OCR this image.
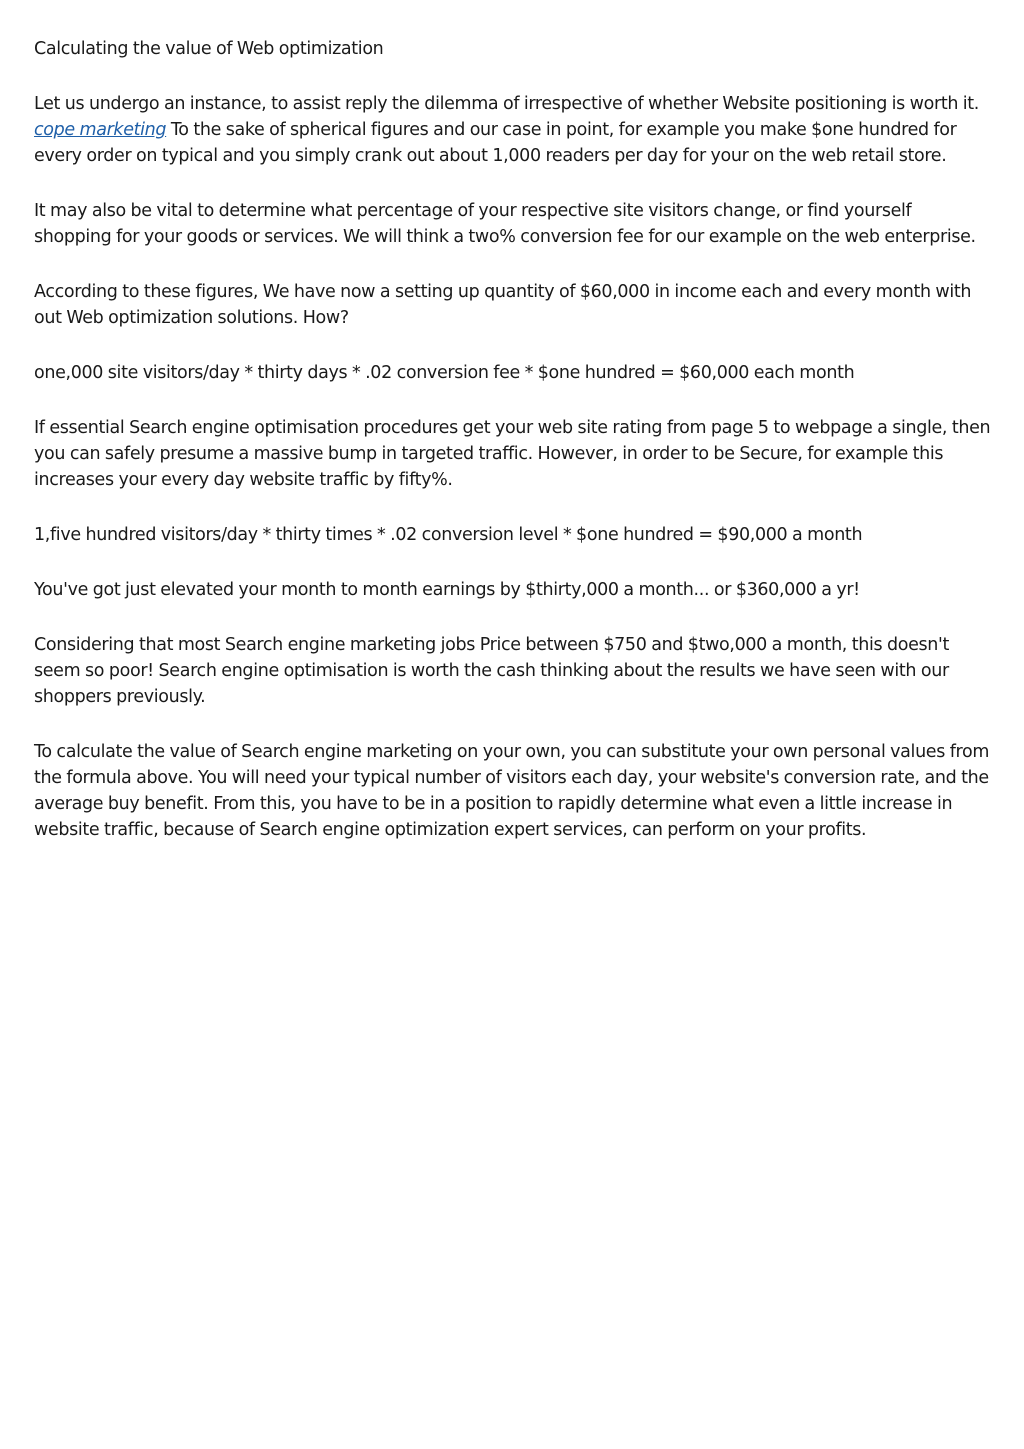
Calculating the value of Web optimization

Let us undergo an instance, to assist reply the dilemma of irrespective of whether Website positioning is worth it.
cope marketing To the sake of spherical figures and our case in point, for example you make $one hundred for every order on typical and you simply crank out about 1,000 readers per day for your on the web retail store.

It may also be vital to determine what percentage of your respective site visitors change, or find yourself shopping for your goods or services. We will think a two% conversion fee for our example on the web enterprise.

According to these figures, We have now a setting up quantity of $60,000 in income each and every month with out Web optimization solutions. How?

one,000 site visitors/day * thirty days * .02 conversion fee * $one hundred = $60,000 each month

If essential Search engine optimisation procedures get your web site rating from page 5 to webpage a single, then you can safely presume a massive bump in targeted traffic. However, in order to be Secure, for example this increases your every day website traffic by fifty%.

1,five hundred visitors/day * thirty times * .02 conversion level * $one hundred = $90,000 a month

You've got just elevated your month to month earnings by $thirty,000 a month... or $360,000 a yr!

Considering that most Search engine marketing jobs Price between $750 and $two,000 a month, this doesn't seem so poor! Search engine optimisation is worth the cash thinking about the results we have seen with our shoppers previously.

To calculate the value of Search engine marketing on your own, you can substitute your own personal values from the formula above. You will need your typical number of visitors each day, your website's conversion rate, and the average buy benefit. From this, you have to be in a position to rapidly determine what even a little increase in website traffic, because of Search engine optimization expert services, can perform on your profits.
